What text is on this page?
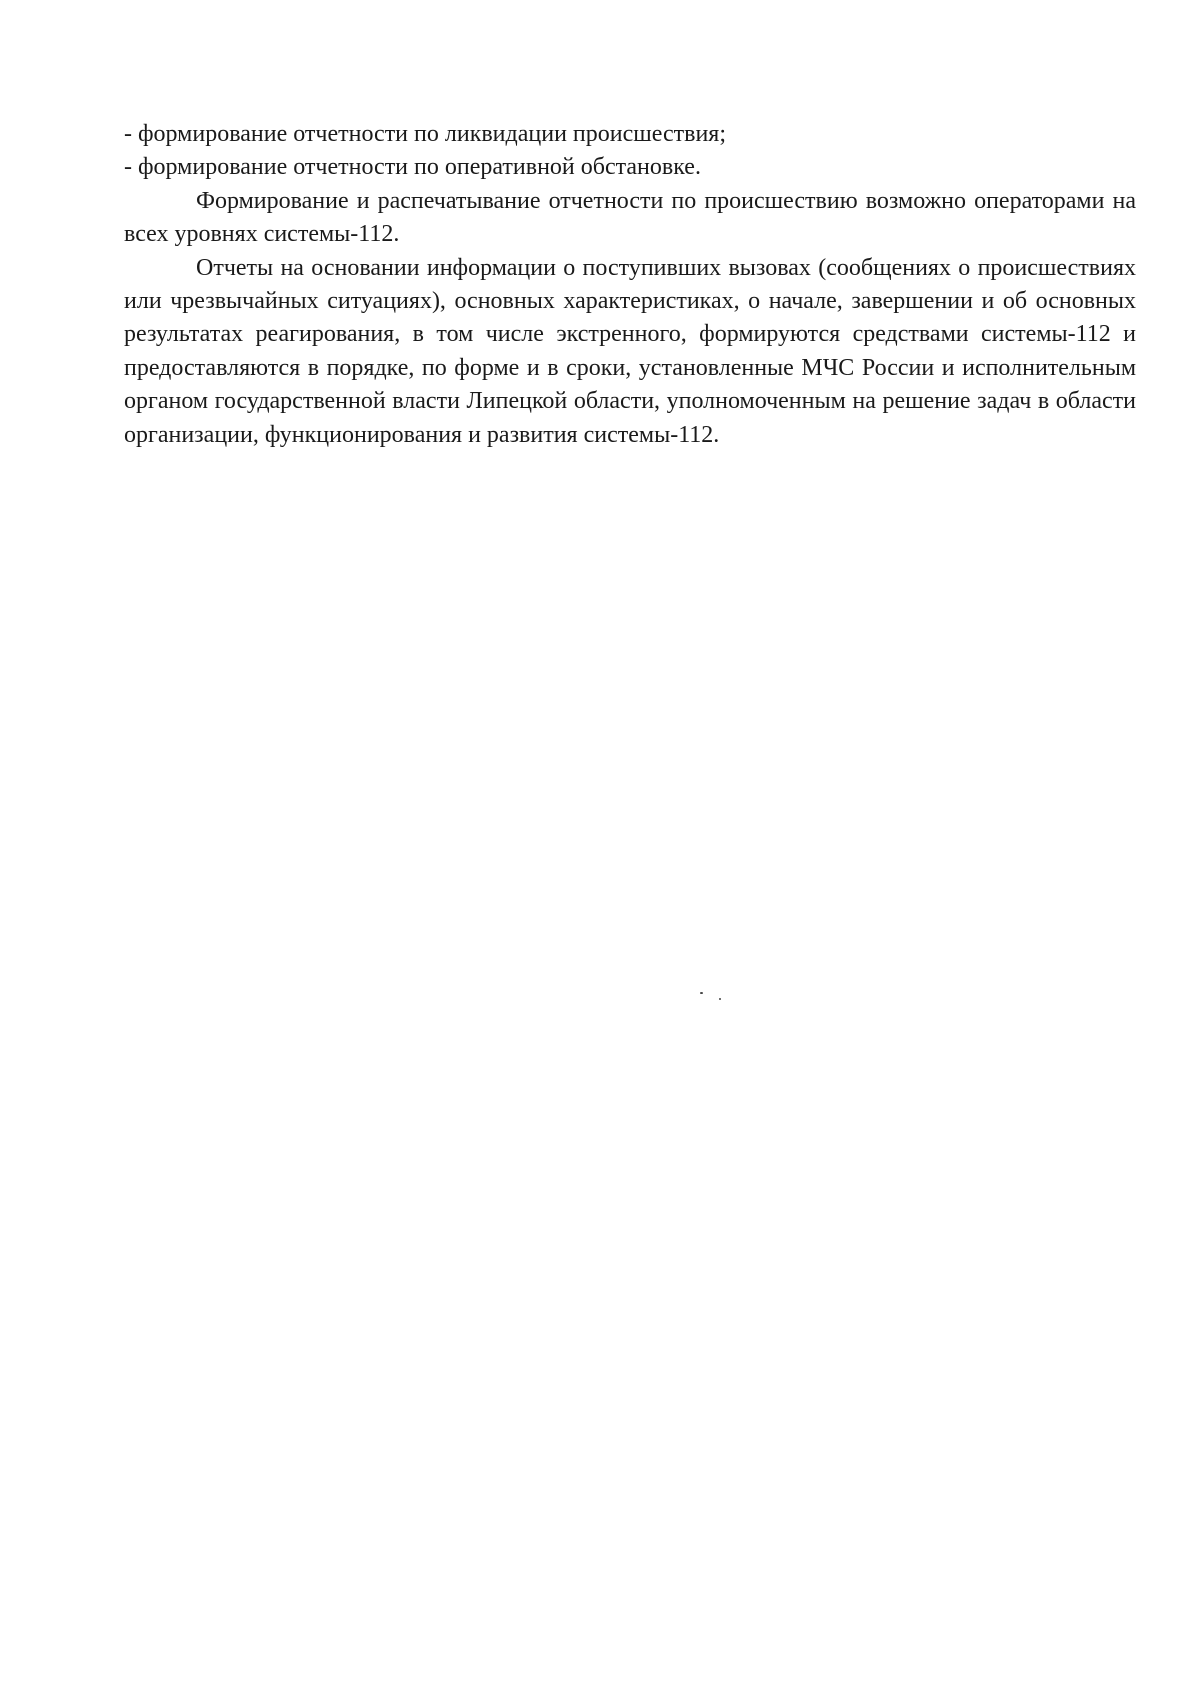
- формирование отчетности по ликвидации происшествия;

- формирование отчетности по оперативной обстановке.

Формирование и распечатывание отчетности по происшествию возможно операторами на всех уровнях системы-112.

Отчеты на основании информации о поступивших вызовах (сообщениях о происшествиях или чрезвычайных ситуациях), основных характеристиках, о начале, завершении и об основных результатах реагирования, в том числе экстренного, формируются средствами системы-112 и предоставляются в порядке, по форме и в сроки, установленные МЧС России и исполнительным органом государственной власти Липецкой области, уполномоченным на решение задач в области организации, функционирования и развития системы-112.
